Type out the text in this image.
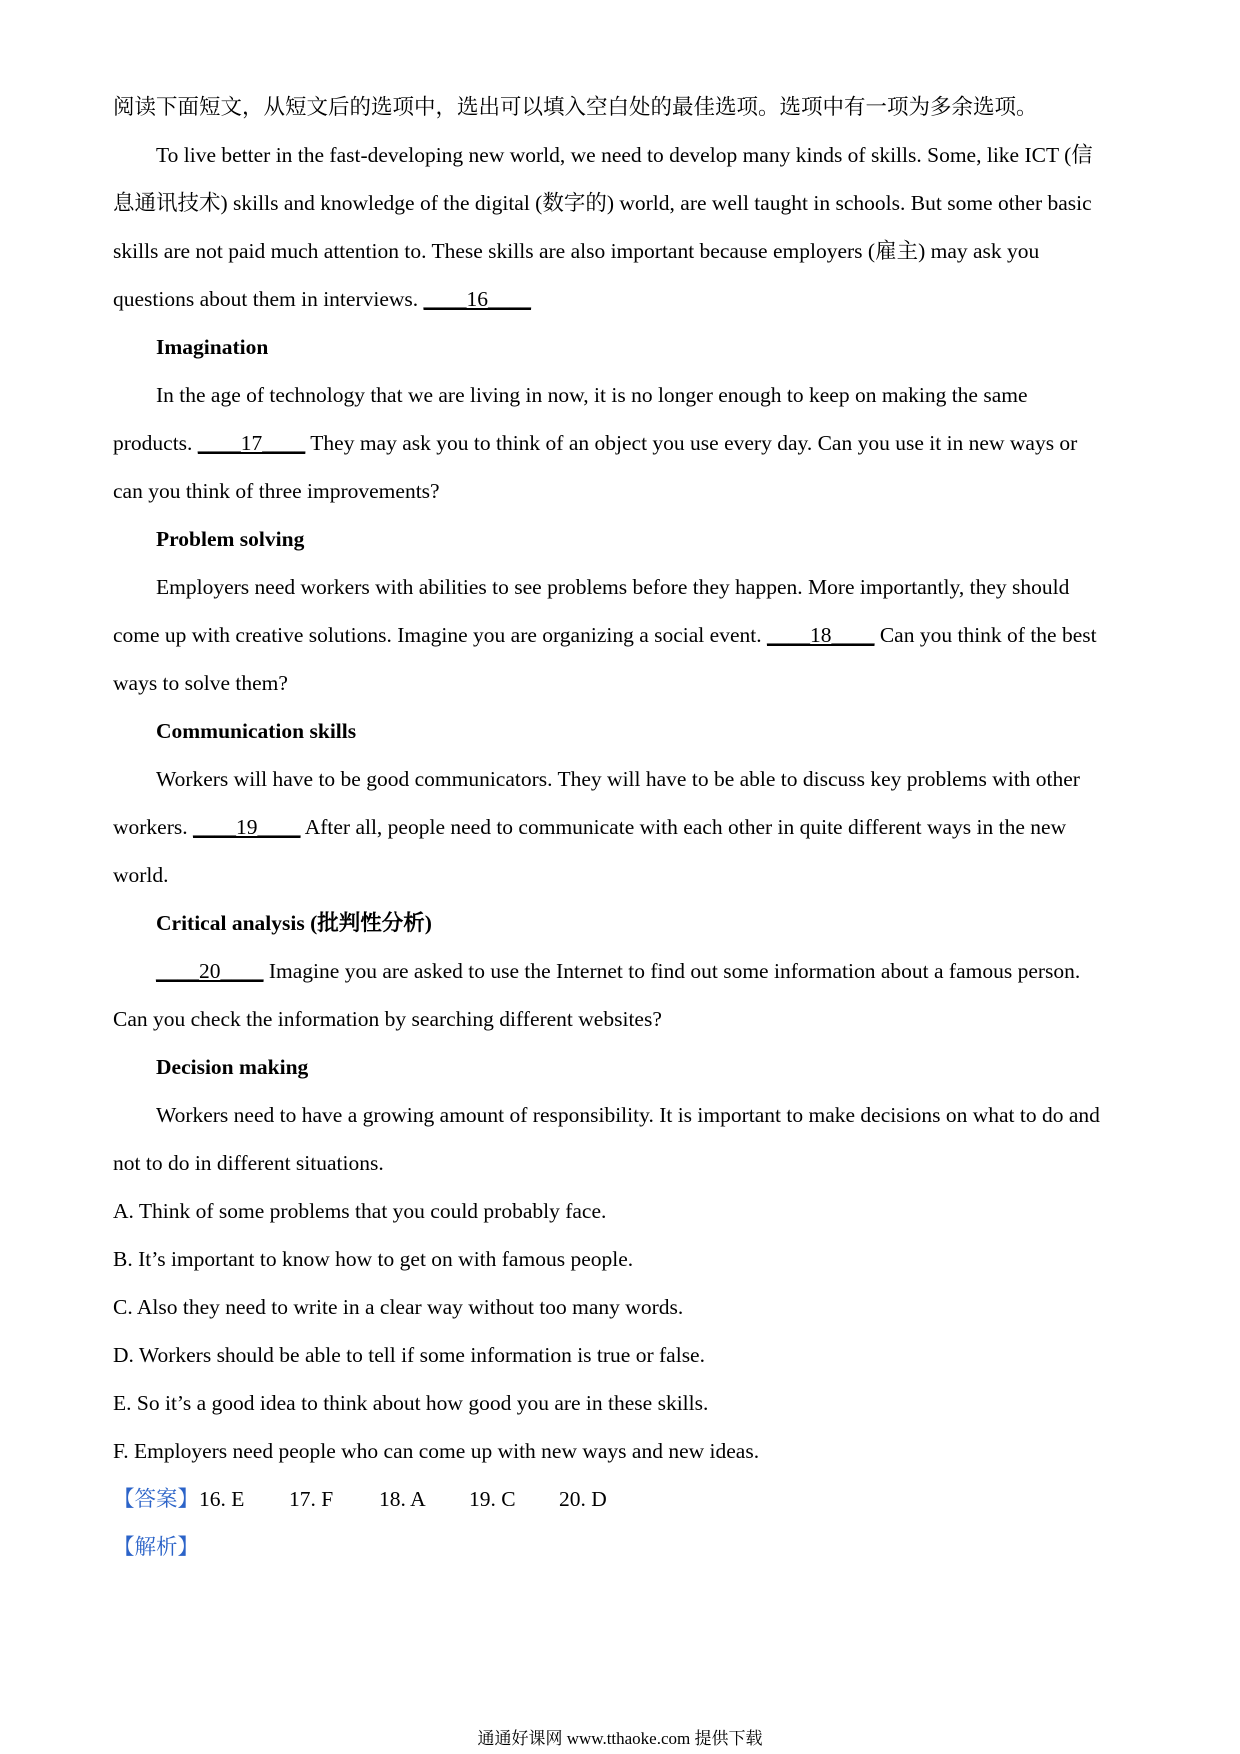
阅读下面短文，从短文后的选项中，选出可以填入空白处的最佳选项。选项中有一项为多余选项。
To live better in the fast-developing new world, we need to develop many kinds of skills. Some, like ICT (信
息通讯技术) skills and knowledge of the digital (数字的) world, are well taught in schools. But some other basic
skills are not paid much attention to. These skills are also important because employers (雇主) may ask you
questions about them in interviews. ____16____
Imagination
In the age of technology that we are living in now, it is no longer enough to keep on making the same
products. ____17____ They may ask you to think of an object you use every day. Can you use it in new ways or
can you think of three improvements?
Problem solving
Employers need workers with abilities to see problems before they happen. More importantly, they should
come up with creative solutions. Imagine you are organizing a social event. ____18____ Can you think of the best
ways to solve them?
Communication skills
Workers will have to be good communicators. They will have to be able to discuss key problems with other
workers. ____19____ After all, people need to communicate with each other in quite different ways in the new
world.
Critical analysis (批判性分析)
____20____ Imagine you are asked to use the Internet to find out some information about a famous person.
Can you check the information by searching different websites?
Decision making
Workers need to have a growing amount of responsibility. It is important to make decisions on what to do and
not to do in different situations.
A. Think of some problems that you could probably face.
B. It’s important to know how to get on with famous people.
C. Also they need to write in a clear way without too many words.
D. Workers should be able to tell if some information is true or false.
E. So it’s a good idea to think about how good you are in these skills.
F. Employers need people who can come up with new ways and new ideas.
【答案】16. E 17. F 18. A 19. C 20. D
【解析】
通通好课网 www.tthaoke.com 提供下载
